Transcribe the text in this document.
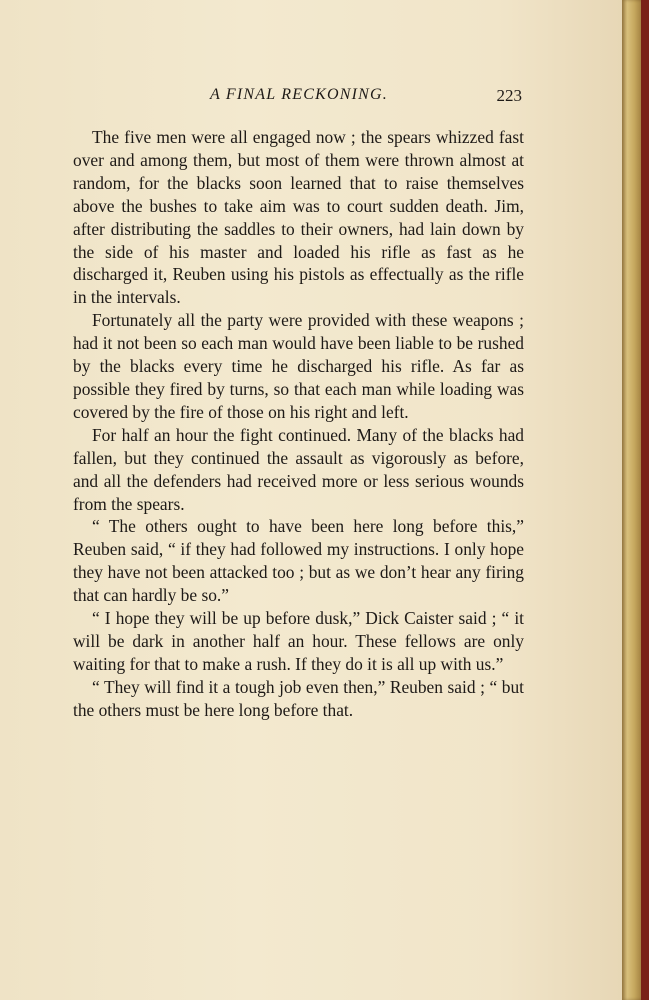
A FINAL RECKONING.	223

The five men were all engaged now ; the spears whizzed fast over and among them, but most of them were thrown almost at random, for the blacks soon learned that to raise themselves above the bushes to take aim was to court sudden death. Jim, after distributing the saddles to their owners, had lain down by the side of his master and loaded his rifle as fast as he discharged it, Reuben using his pistols as effectually as the rifle in the intervals.

Fortunately all the party were provided with these weapons ; had it not been so each man would have been liable to be rushed by the blacks every time he discharged his rifle. As far as possible they fired by turns, so that each man while loading was covered by the fire of those on his right and left.

For half an hour the fight continued. Many of the blacks had fallen, but they continued the assault as vigorously as before, and all the defenders had received more or less serious wounds from the spears.

“ The others ought to have been here long before this,” Reuben said, “ if they had followed my instructions. I only hope they have not been attacked too ; but as we don’t hear any firing that can hardly be so.”

“ I hope they will be up before dusk,” Dick Caister said ; “ it will be dark in another half an hour. These fellows are only waiting for that to make a rush. If they do it is all up with us.”

“ They will find it a tough job even then,” Reuben said ; “ but the others must be here long before that.
